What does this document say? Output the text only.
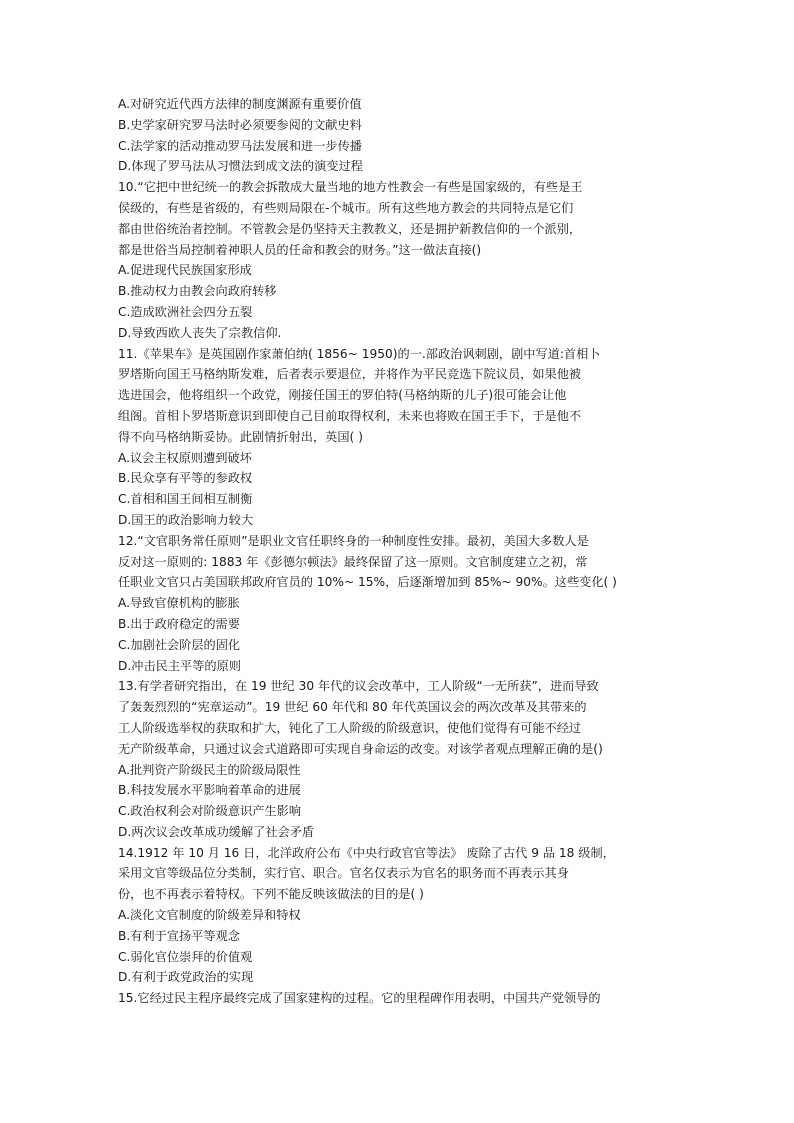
A.对研究近代西方法律的制度渊源有重要价值
B.史学家研究罗马法时必须要参阅的文献史料
C.法学家的活动推动罗马法发展和进一步传播
D.体现了罗马法从习惯法到成文法的演变过程
10.“它把中世纪统一的教会拆散成大量当地的地方性教会一有些是国家级的，有些是王
侯级的，有些是省级的，有些则局限在-个城市。所有这些地方教会的共同特点是它们
都由世俗统治者控制。不管教会是仍坚持天主教教义，还是拥护新教信仰的一个派别，
都是世俗当局控制着神职人员的任命和教会的财务。”这一做法直接()
A.促进现代民族国家形成
B.推动权力由教会向政府转移
C.造成欧洲社会四分五裂
D.导致西欧人丧失了宗教信仰.
11.《苹果车》是英国剧作家萧伯纳( 1856~ 1950)的一.部政治讽刺剧，剧中写道:首相卜
罗塔斯向国王马格纳斯发难，后者表示要退位，并将作为平民竞选下院议员，如果他被
选进国会，他将组织一个政党，刚接任国王的罗伯特(马格纳斯的儿子)很可能会让他
组阁。首相卜罗塔斯意识到即使自己目前取得权利，未来也将败在国王手下，于是他不
得不向马格纳斯妥协。此剧情折射出，英国( )
A.议会主权原则遭到破坏
B.民众享有平等的参政权
C.首相和国王间相互制衡
D.国王的政治影响力较大
12.“文官职务常任原则”是职业文官任职终身的一种制度性安排。最初，美国大多数人是
反对这一原则的: 1883 年《彭德尔顿法》最终保留了这一原则。文官制度建立之初，常
任职业文官只占美国联邦政府官员的 10%~ 15%，后逐渐增加到 85%~ 90%。这些变化( )
A.导致官僚机构的膨胀
B.出于政府稳定的需要
C.加剧社会阶层的固化
D.冲击民主平等的原则
13.有学者研究指出，在 19 世纪 30 年代的议会改革中，工人阶级“一无所获”，进而导致
了轰轰烈烈的“宪章运动”。19 世纪 60 年代和 80 年代英国议会的两次改革及其带来的
工人阶级选举权的获取和扩大，钝化了工人阶级的阶级意识，使他们觉得有可能不经过
无产阶级革命，只通过议会式道路即可实现自身命运的改变。对该学者观点理解正确的是()
A.批判资产阶级民主的阶级局限性
B.科技发展水平影响着革命的进展
C.政治权利会对阶级意识产生影响
D.两次议会改革成功缓解了社会矛盾
14.1912 年 10 月 16 日，北洋政府公布《中央行政官官等法》 废除了古代 9 品 18 级制，
采用文官等级品位分类制，实行官、职合。官名仅表示为官名的职务而不再表示其身
份，也不再表示着特权。下列不能反映该做法的目的是( )
A.淡化文官制度的阶级差异和特权
B.有利于宣扬平等观念
C.弱化官位崇拜的价值观
D.有利于政党政治的实现
15.它经过民主程序最终完成了国家建构的过程。它的里程碑作用表明，中国共产党领导的
